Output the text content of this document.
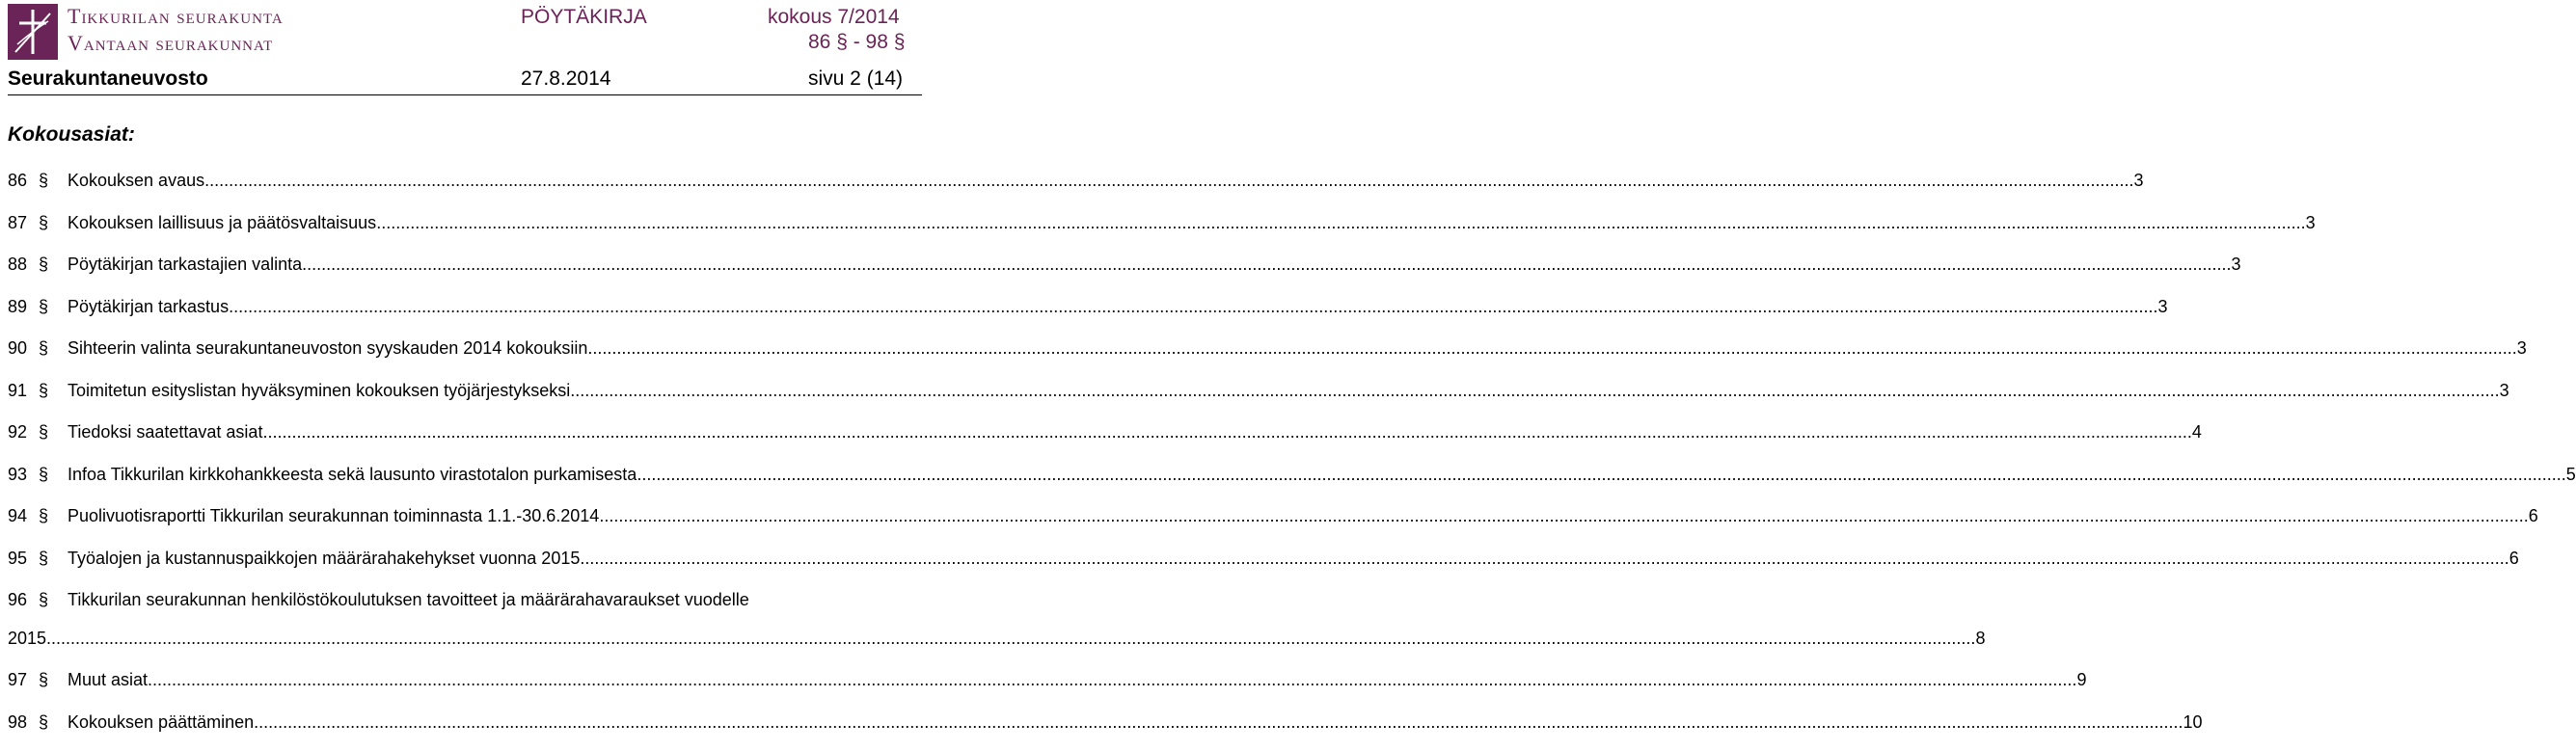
Tikkurilan seurakunta
Vantaan seurakunnat
PÖYTÄKIRJA	kokous 7/2014
86 § - 98 §
Seurakuntaneuvosto	27.8.2014	sivu 2 (14)
Kokousasiat:
86 § Kokouksen avaus ................................................................................................................................................................................................................................................................................................................................................................................................................ 3
87 § Kokouksen laillisuus ja päätösvaltaisuus ................................................................................................................................................................................................................................................................................................................................................................................................................ 3
88 § Pöytäkirjan tarkastajien valinta ................................................................................................................................................................................................................................................................................................................................................................................................................ 3
89 § Pöytäkirjan tarkastus ................................................................................................................................................................................................................................................................................................................................................................................................................ 3
90 § Sihteerin valinta seurakuntaneuvoston syyskauden 2014 kokouksiin ................................................................................................................................................................................................................................................................................................................................................................................................................ 3
91 § Toimitetun esityslistan hyväksyminen kokouksen työjärjestykseksi ................................................................................................................................................................................................................................................................................................................................................................................................................ 3
92 § Tiedoksi saatettavat asiat ................................................................................................................................................................................................................................................................................................................................................................................................................ 4
93 § Infoa Tikkurilan kirkkohankkeesta sekä lausunto virastotalon purkamisesta ................................................................................................................................................................................................................................................................................................................................................................................................................ 5
94 § Puolivuotisraportti Tikkurilan seurakunnan toiminnasta 1.1.-30.6.2014 ................................................................................................................................................................................................................................................................................................................................................................................................................ 6
95 § Työalojen ja kustannuspaikkojen määrärahakehykset vuonna 2015 ................................................................................................................................................................................................................................................................................................................................................................................................................ 6
96 § Tikkurilan seurakunnan henkilöstökoulutuksen tavoitteet ja määrärahavaraukset vuodelle
2015 ................................................................................................................................................................................................................................................................................................................................................................................................................ 8
97 § Muut asiat ................................................................................................................................................................................................................................................................................................................................................................................................................ 9
98 § Kokouksen päättäminen ................................................................................................................................................................................................................................................................................................................................................................................................................ 10
